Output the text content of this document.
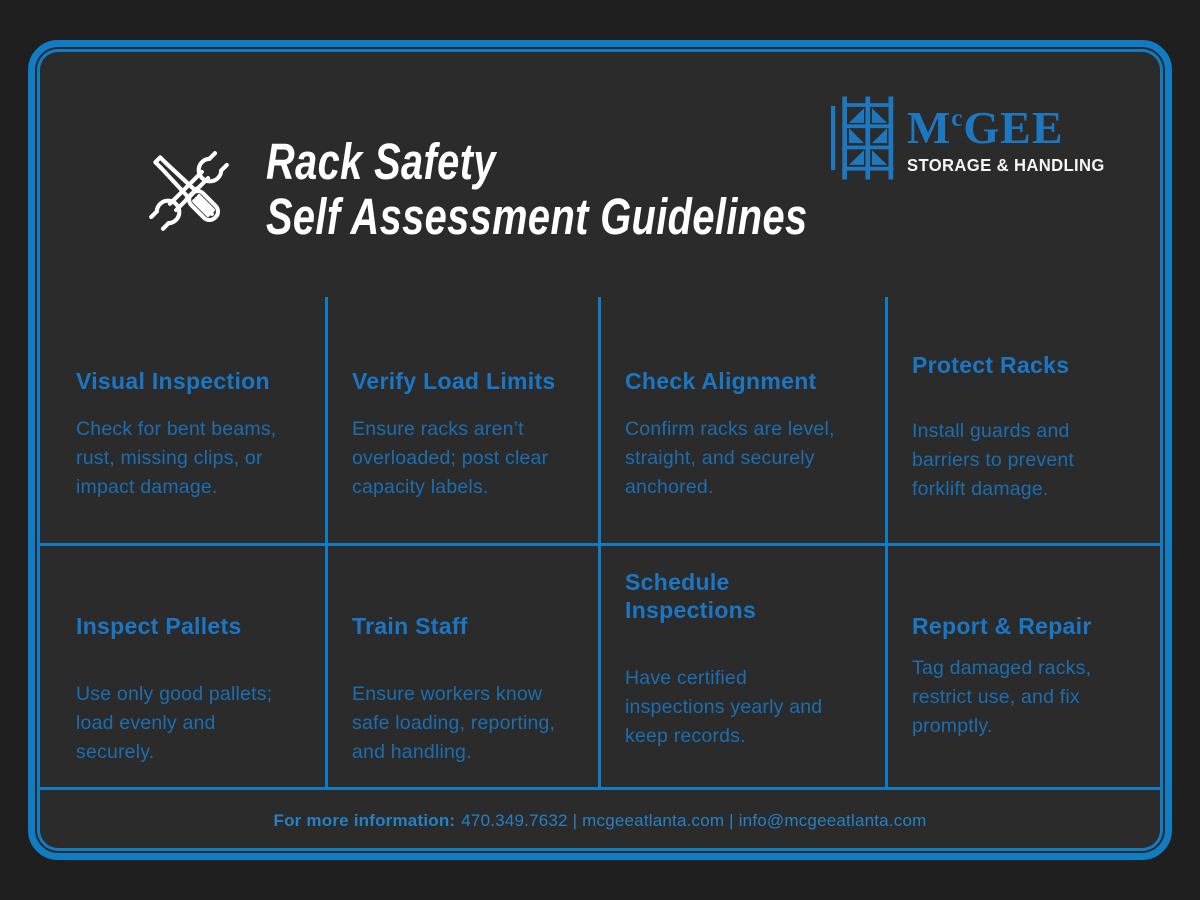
Rack Safety
Self Assessment Guidelines
$M^cGEE$
STORAGE & HANDLING
Visual Inspection
Check for bent beams, rust, missing clips, or impact damage.
Verify Load Limits
Ensure racks aren’t overloaded; post clear capacity labels.
Check Alignment
Confirm racks are level, straight, and securely anchored.
Protect Racks
Install guards and barriers to prevent forklift damage.
Inspect Pallets
Use only good pallets; load evenly and securely.
Train Staff
Ensure workers know safe loading, reporting, and handling.
Schedule Inspections
Have certified inspections yearly and keep records.
Report & Repair
Tag damaged racks, restrict use, and fix promptly.
For more information: 470.349.7632 | mcgeeatlanta.com | info@mcgeeatlanta.com
